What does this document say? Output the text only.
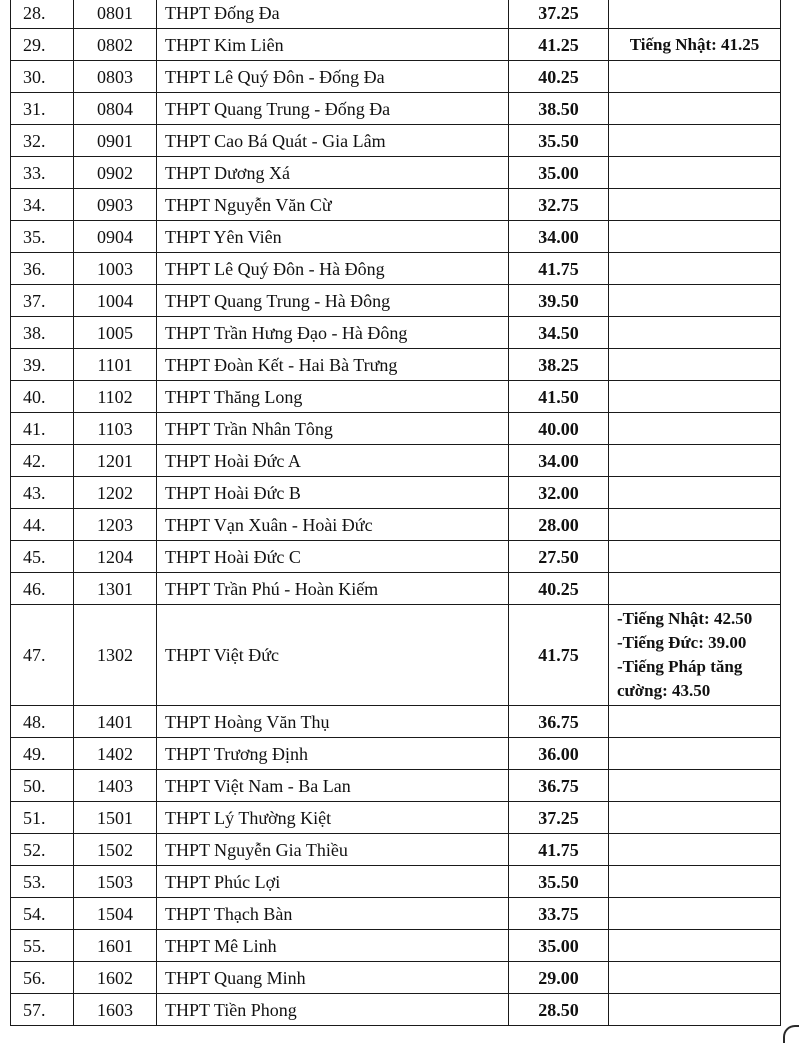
28.	0801	THPT Đống Đa	37.25	
29.	0802	THPT Kim Liên	41.25	Tiếng Nhật: 41.25

30.	0803	THPT Lê Quý Đôn - Đống Đa	40.25	
31.	0804	THPT Quang Trung - Đống Đa	38.50	
32.	0901	THPT Cao Bá Quát - Gia Lâm	35.50	
33.	0902	THPT Dương Xá	35.00	
34.	0903	THPT Nguyễn Văn Cừ	32.75	
35.	0904	THPT Yên Viên	34.00	
36.	1003	THPT Lê Quý Đôn - Hà Đông	41.75	
37.	1004	THPT Quang Trung - Hà Đông	39.50	
38.	1005	THPT Trần Hưng Đạo - Hà Đông	34.50	
39.	1101	THPT Đoàn Kết - Hai Bà Trưng	38.25	
40.	1102	THPT Thăng Long	41.50	
41.	1103	THPT Trần Nhân Tông	40.00	
42.	1201	THPT Hoài Đức A	34.00	
43.	1202	THPT Hoài Đức B	32.00	
44.	1203	THPT Vạn Xuân - Hoài Đức	28.00	
45.	1204	THPT Hoài Đức C	27.50	
46.	1301	THPT Trần Phú - Hoàn Kiếm	40.25	
47.	1302	THPT Việt Đức	41.75	-Tiếng Nhật: 42.50
-Tiếng Đức: 39.00
-Tiếng Pháp tăng cường: 43.50

48.	1401	THPT Hoàng Văn Thụ	36.75	
49.	1402	THPT Trương Định	36.00	
50.	1403	THPT Việt Nam - Ba Lan	36.75	
51.	1501	THPT Lý Thường Kiệt	37.25	
52.	1502	THPT Nguyễn Gia Thiều	41.75	
53.	1503	THPT Phúc Lợi	35.50	
54.	1504	THPT Thạch Bàn	33.75	
55.	1601	THPT Mê Linh	35.00	
56.	1602	THPT Quang Minh	29.00	
57.	1603	THPT Tiền Phong	28.50	
